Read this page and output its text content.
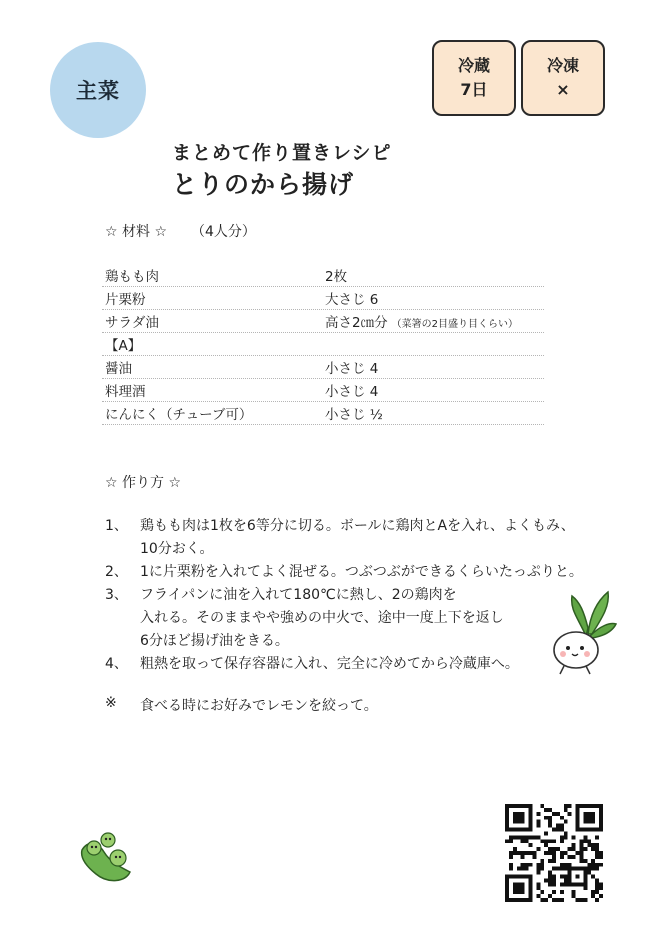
主菜
冷蔵
7日
冷凍
×
まとめて作り置きレシピ
とりのから揚げ
☆ 材料 ☆ （4人分）
鶏もも肉	2枚
片栗粉	大さじ 6
サラダ油	高さ2㎝分 （菜箸の2目盛り目くらい）
【A】
醤油	小さじ 4
料理酒	小さじ 4
にんにく（チューブ可）	小さじ ½
☆ 作り方 ☆
1、 鶏もも肉は1枚を6等分に切る。ボールに鶏肉とAを入れ、よくもみ、
10分おく。
2、 1に片栗粉を入れてよく混ぜる。つぶつぶができるくらいたっぷりと。
3、 フライパンに油を入れて180℃に熱し、2の鶏肉を
入れる。そのままやや強めの中火で、途中一度上下を返し
6分ほど揚げ油をきる。
4、 粗熱を取って保存容器に入れ、完全に冷めてから冷蔵庫へ。
※	食べる時にお好みでレモンを絞って。
